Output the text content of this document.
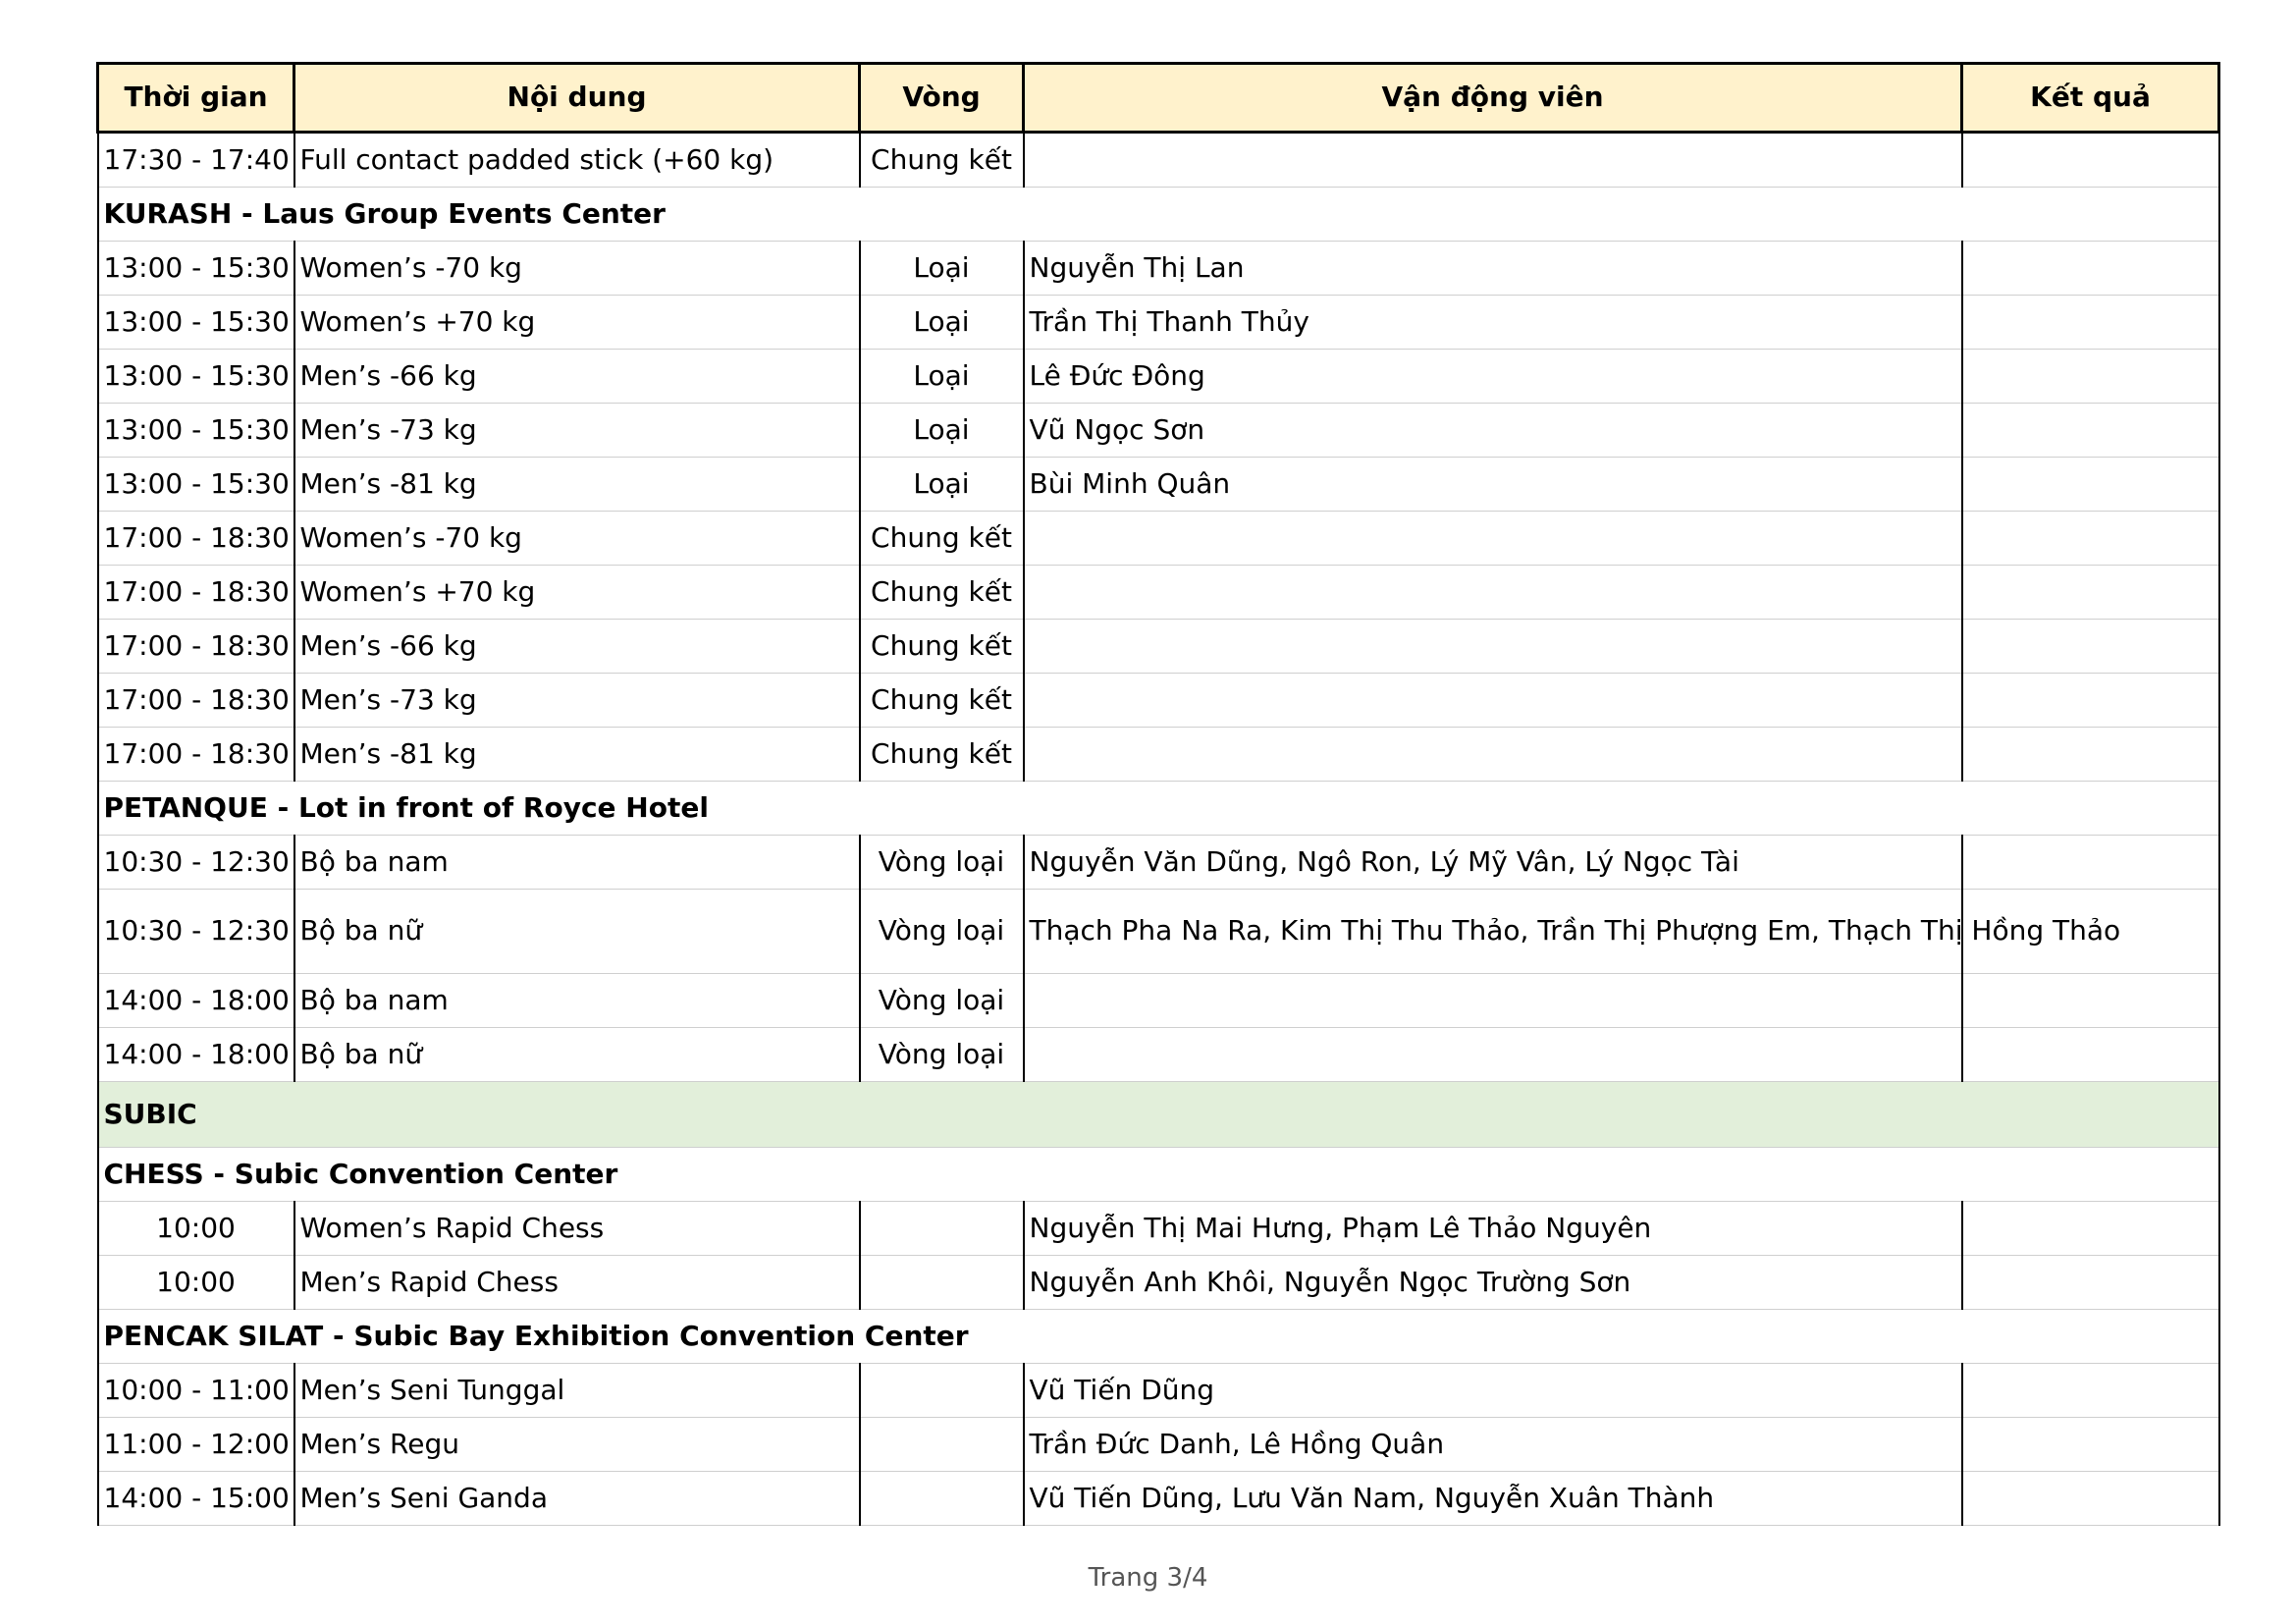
Thời gian	Nội dung	Vòng	Vận động viên	Kết quả
17:30 - 17:40	Full contact padded stick (+60 kg)	Chung kết		
KURASH - Laus Group Events Center				
13:00 - 15:30	Women’s -70 kg	Loại	Nguyễn Thị Lan	
13:00 - 15:30	Women’s +70 kg	Loại	Trần Thị Thanh Thủy	
13:00 - 15:30	Men’s -66 kg	Loại	Lê Đức Đông	
13:00 - 15:30	Men’s -73 kg	Loại	Vũ Ngọc Sơn	
13:00 - 15:30	Men’s -81 kg	Loại	Bùi Minh Quân	
17:00 - 18:30	Women’s -70 kg	Chung kết		
17:00 - 18:30	Women’s +70 kg	Chung kết		
17:00 - 18:30	Men’s -66 kg	Chung kết		
17:00 - 18:30	Men’s -73 kg	Chung kết		
17:00 - 18:30	Men’s -81 kg	Chung kết		
PETANQUE - Lot in front of Royce Hotel				
10:30 - 12:30	Bộ ba nam	Vòng loại	Nguyễn Văn Dũng, Ngô Ron, Lý Mỹ Vân, Lý Ngọc Tài	
10:30 - 12:30	Bộ ba nữ	Vòng loại	Thạch Pha Na Ra, Kim Thị Thu Thảo, Trần Thị Phượng Em, Thạch Thị Hồng Thảo	
14:00 - 18:00	Bộ ba nam	Vòng loại		
14:00 - 18:00	Bộ ba nữ	Vòng loại		
SUBIC				
CHESS - Subic Convention Center				
10:00	Women’s Rapid Chess		Nguyễn Thị Mai Hưng, Phạm Lê Thảo Nguyên	
10:00	Men’s Rapid Chess		Nguyễn Anh Khôi, Nguyễn Ngọc Trường Sơn	
PENCAK SILAT - Subic Bay Exhibition Convention Center				
10:00 - 11:00	Men’s Seni Tunggal		Vũ Tiến Dũng	
11:00 - 12:00	Men’s Regu		Trần Đức Danh, Lê Hồng Quân	
14:00 - 15:00	Men’s Seni Ganda		Vũ Tiến Dũng, Lưu Văn Nam, Nguyễn Xuân Thành	
Trang 3/4
